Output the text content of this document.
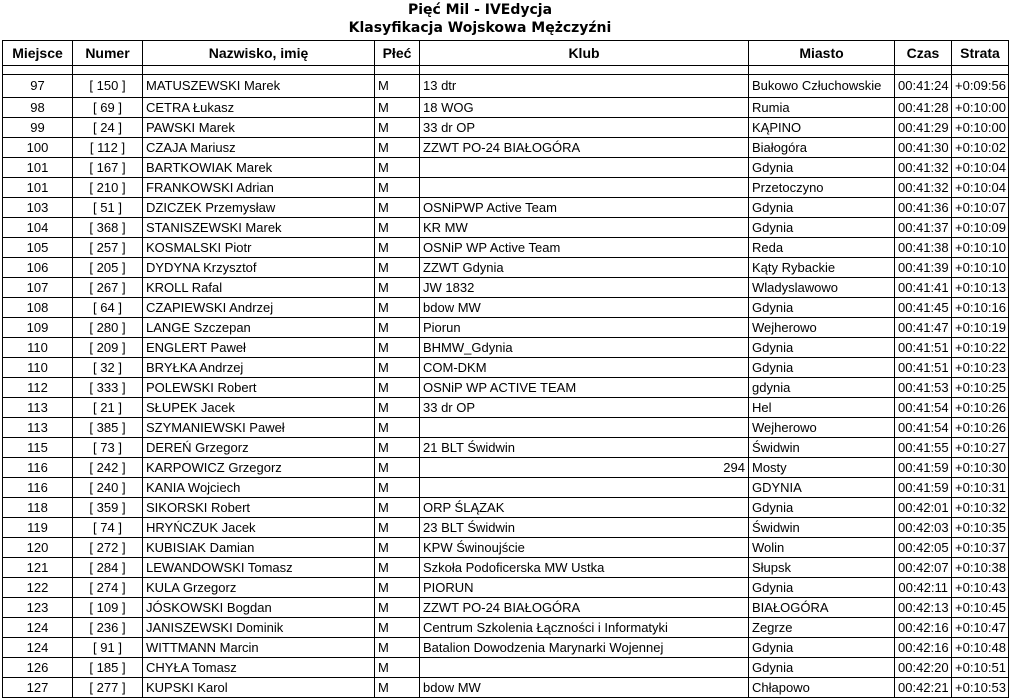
Pięć Mil - IVEdycja
Klasyfikacja Wojskowa Mężczyźni
Miejsce	Numer	Nazwisko, imię	Płeć	Klub	Miasto	Czas	Strata

97	[ 150 ]	MATUSZEWSKI Marek	M	13 dtr	Bukowo Człuchowskie	00:41:24	+0:09:56
98	[ 69 ]	CETRA Łukasz	M	18 WOG	Rumia	00:41:28	+0:10:00
99	[ 24 ]	PAWSKI Marek	M	33 dr OP	KĄPINO	00:41:29	+0:10:00
100	[ 112 ]	CZAJA Mariusz	M	ZZWT PO-24 BIAŁOGÓRA	Białogóra	00:41:30	+0:10:02
101	[ 167 ]	BARTKOWIAK Marek	M		Gdynia	00:41:32	+0:10:04
101	[ 210 ]	FRANKOWSKI Adrian	M		Przetoczyno	00:41:32	+0:10:04
103	[ 51 ]	DZICZEK Przemysław	M	OSNiPWP Active Team	Gdynia	00:41:36	+0:10:07
104	[ 368 ]	STANISZEWSKI Marek	M	KR MW	Gdynia	00:41:37	+0:10:09
105	[ 257 ]	KOSMALSKI Piotr	M	OSNiP WP Active Team	Reda	00:41:38	+0:10:10
106	[ 205 ]	DYDYNA Krzysztof	M	ZZWT Gdynia	Kąty Rybackie	00:41:39	+0:10:10
107	[ 267 ]	KROLL Rafal	M	JW 1832	Wladyslawowo	00:41:41	+0:10:13
108	[ 64 ]	CZAPIEWSKI Andrzej	M	bdow MW	Gdynia	00:41:45	+0:10:16
109	[ 280 ]	LANGE Szczepan	M	Piorun	Wejherowo	00:41:47	+0:10:19
110	[ 209 ]	ENGLERT Paweł	M	BHMW_Gdynia	Gdynia	00:41:51	+0:10:22
110	[ 32 ]	BRYŁKA Andrzej	M	COM-DKM	Gdynia	00:41:51	+0:10:23
112	[ 333 ]	POLEWSKI Robert	M	OSNiP WP ACTIVE TEAM	gdynia	00:41:53	+0:10:25
113	[ 21 ]	SŁUPEK Jacek	M	33 dr OP	Hel	00:41:54	+0:10:26
113	[ 385 ]	SZYMANIEWSKI Paweł	M		Wejherowo	00:41:54	+0:10:26
115	[ 73 ]	DEREŃ Grzegorz	M	21 BLT Świdwin	Świdwin	00:41:55	+0:10:27
116	[ 242 ]	KARPOWICZ Grzegorz	M	294	Mosty	00:41:59	+0:10:30
116	[ 240 ]	KANIA Wojciech	M		GDYNIA	00:41:59	+0:10:31
118	[ 359 ]	SIKORSKI Robert	M	ORP ŚLĄZAK	Gdynia	00:42:01	+0:10:32
119	[ 74 ]	HRYŃCZUK Jacek	M	23 BLT Świdwin	Świdwin	00:42:03	+0:10:35
120	[ 272 ]	KUBISIAK Damian	M	KPW Świnoujście	Wolin	00:42:05	+0:10:37
121	[ 284 ]	LEWANDOWSKI Tomasz	M	Szkoła Podoficerska MW Ustka	Słupsk	00:42:07	+0:10:38
122	[ 274 ]	KULA Grzegorz	M	PIORUN	Gdynia	00:42:11	+0:10:43
123	[ 109 ]	JÓSKOWSKI Bogdan	M	ZZWT PO-24 BIAŁOGÓRA	BIAŁOGÓRA	00:42:13	+0:10:45
124	[ 236 ]	JANISZEWSKI Dominik	M	Centrum Szkolenia Łączności i Informatyki	Zegrze	00:42:16	+0:10:47
124	[ 91 ]	WITTMANN Marcin	M	Batalion Dowodzenia Marynarki Wojennej	Gdynia	00:42:16	+0:10:48
126	[ 185 ]	CHYŁA Tomasz	M		Gdynia	00:42:20	+0:10:51
127	[ 277 ]	KUPSKI Karol	M	bdow MW	Chłapowo	00:42:21	+0:10:53
